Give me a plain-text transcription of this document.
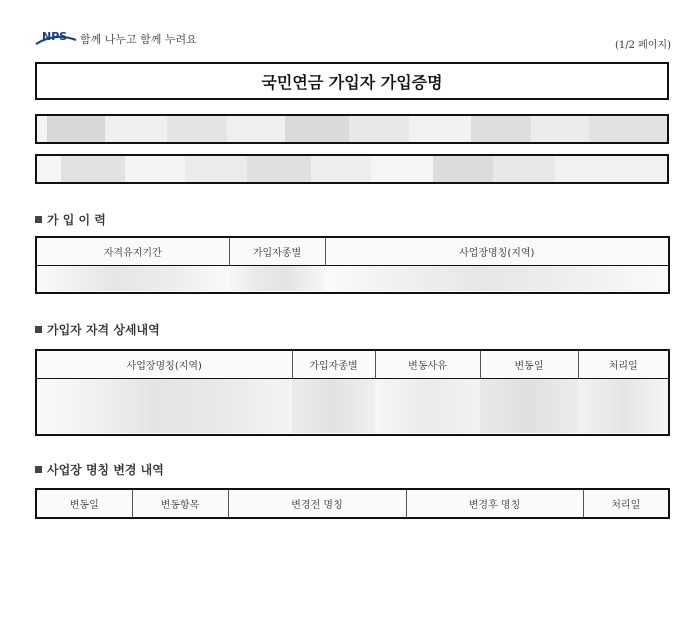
NPS 함께 나누고 함께 누려요	(1/2 페이지)
국민연금 가입자 가입증명
가 입 이 력
자격유지기간	가입자종별	사업장명칭(지역)

가입자 자격 상세내역
사업장명칭(지역)	가입자종별	변동사유	변동일	처리일

사업장 명칭 변경 내역
변동일	변동항목	변경전 명칭	변경후 명칭	처리일
